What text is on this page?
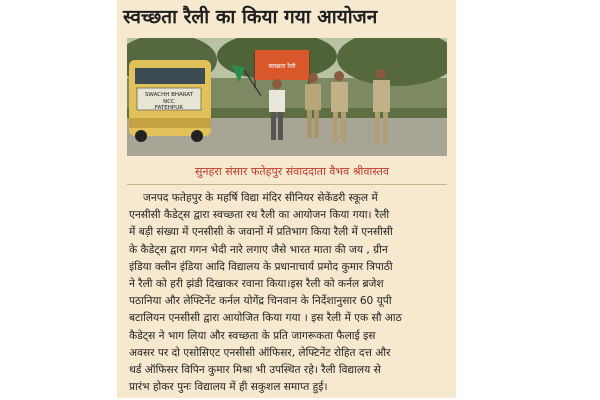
स्वच्छता रैली का किया गया आयोजन
SWACHH BHARAT
NCC
FATEHPUR
स्वच्छता रैली
सुनहरा संसार फतेहपुर संवाददाता वैभव श्रीवास्तव
जनपद फतेहपुर के महर्षि विद्या मंदिर सीनियर सेकेंडरी स्कूल में
एनसीसी कैडेट्स द्वारा स्वच्छता रथ रैली का आयोजन किया गया। रैली
में बड़ी संख्या में एनसीसी के जवानों में प्रतिभाग किया रैली में एनसीसी
के कैडेट्स द्वारा गगन भेदी नारे लगाए जैसे भारत माता की जय , ग्रीन
इंडिया क्लीन इंडिया आदि विद्यालय के प्रधानाचार्य प्रमोद कुमार त्रिपाठी
ने रैली को हरी झंडी दिखाकर रवाना किया।इस रैली को कर्नल ब्रजेश
पठानिया और लेफ्टिनेंट कर्नल योगेंद्र चिनवान के निर्देशानुसार 60 यूपी
बटालियन एनसीसी द्वारा आयोजित किया गया । इस रैली में एक सौ आठ
कैडेट्स ने भाग लिया और स्वच्छता के प्रति जागरूकता फैलाई इस
अवसर पर दो एसोसिएट एनसीसी ऑफिसर, लेफ्टिनेंट रोहित दत्त और
थर्ड ऑफिसर विपिन कुमार मिश्रा भी उपस्थित रहे। रैली विद्यालय से
प्रारंभ होकर पुनः विद्यालय में ही सकुशल समाप्त हुई।
